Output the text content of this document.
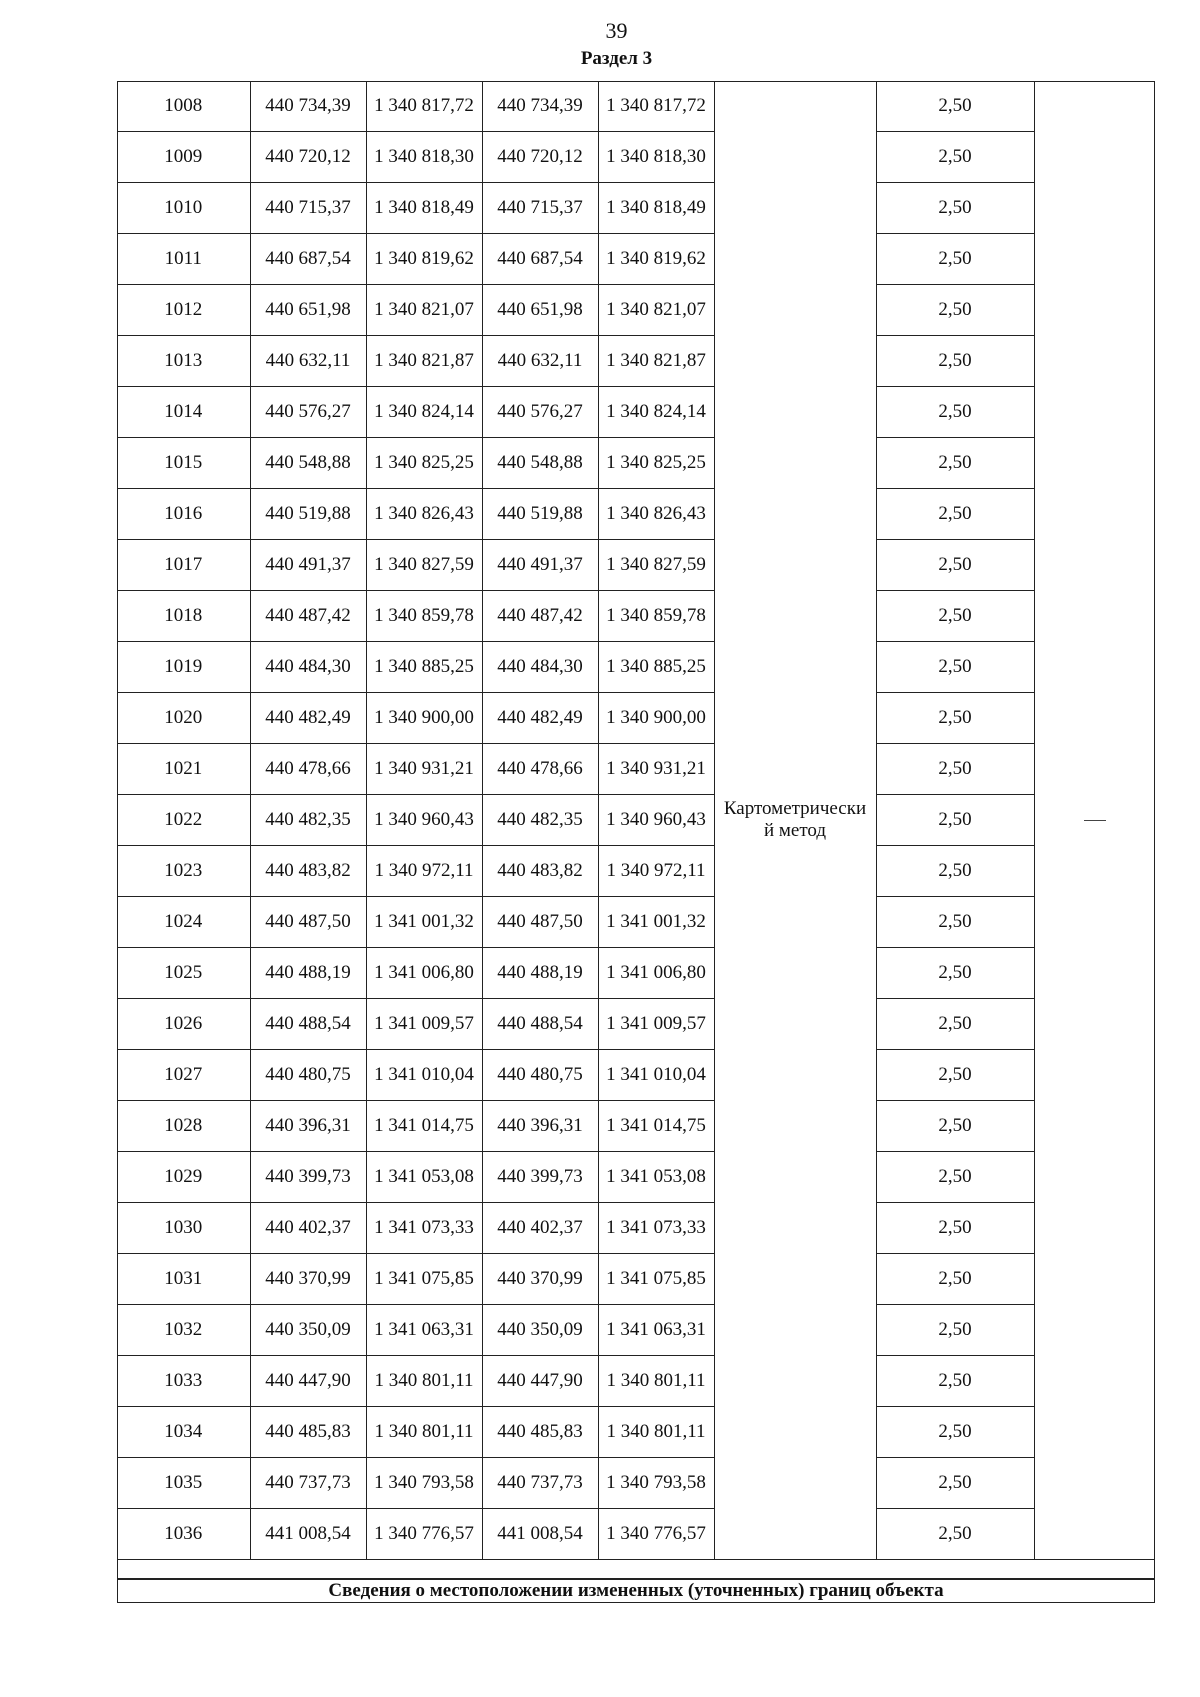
39
Раздел 3
1008	440 734,39	1 340 817,72	440 734,39	1 340 817,72	Картометрически й метод	2,50	
1009	440 720,12	1 340 818,30	440 720,12	1 340 818,30		2,50	
1010	440 715,37	1 340 818,49	440 715,37	1 340 818,49		2,50	
1011	440 687,54	1 340 819,62	440 687,54	1 340 819,62		2,50	
1012	440 651,98	1 340 821,07	440 651,98	1 340 821,07		2,50	
1013	440 632,11	1 340 821,87	440 632,11	1 340 821,87		2,50	
1014	440 576,27	1 340 824,14	440 576,27	1 340 824,14		2,50	
1015	440 548,88	1 340 825,25	440 548,88	1 340 825,25		2,50	
1016	440 519,88	1 340 826,43	440 519,88	1 340 826,43		2,50	
1017	440 491,37	1 340 827,59	440 491,37	1 340 827,59		2,50	
1018	440 487,42	1 340 859,78	440 487,42	1 340 859,78		2,50	
1019	440 484,30	1 340 885,25	440 484,30	1 340 885,25		2,50	
1020	440 482,49	1 340 900,00	440 482,49	1 340 900,00		2,50	
1021	440 478,66	1 340 931,21	440 478,66	1 340 931,21		2,50	
1022	440 482,35	1 340 960,43	440 482,35	1 340 960,43		2,50	
1023	440 483,82	1 340 972,11	440 483,82	1 340 972,11		2,50	
1024	440 487,50	1 341 001,32	440 487,50	1 341 001,32		2,50	
1025	440 488,19	1 341 006,80	440 488,19	1 341 006,80		2,50	
1026	440 488,54	1 341 009,57	440 488,54	1 341 009,57		2,50	
1027	440 480,75	1 341 010,04	440 480,75	1 341 010,04		2,50	
1028	440 396,31	1 341 014,75	440 396,31	1 341 014,75		2,50	
1029	440 399,73	1 341 053,08	440 399,73	1 341 053,08		2,50	
1030	440 402,37	1 341 073,33	440 402,37	1 341 073,33		2,50	
1031	440 370,99	1 341 075,85	440 370,99	1 341 075,85		2,50	
1032	440 350,09	1 341 063,31	440 350,09	1 341 063,31		2,50	
1033	440 447,90	1 340 801,11	440 447,90	1 340 801,11		2,50	
1034	440 485,83	1 340 801,11	440 485,83	1 340 801,11		2,50	
1035	440 737,73	1 340 793,58	440 737,73	1 340 793,58		2,50	
1036	441 008,54	1 340 776,57	441 008,54	1 340 776,57		2,50	
Сведения о местоположении измененных (уточненных) границ объекта
